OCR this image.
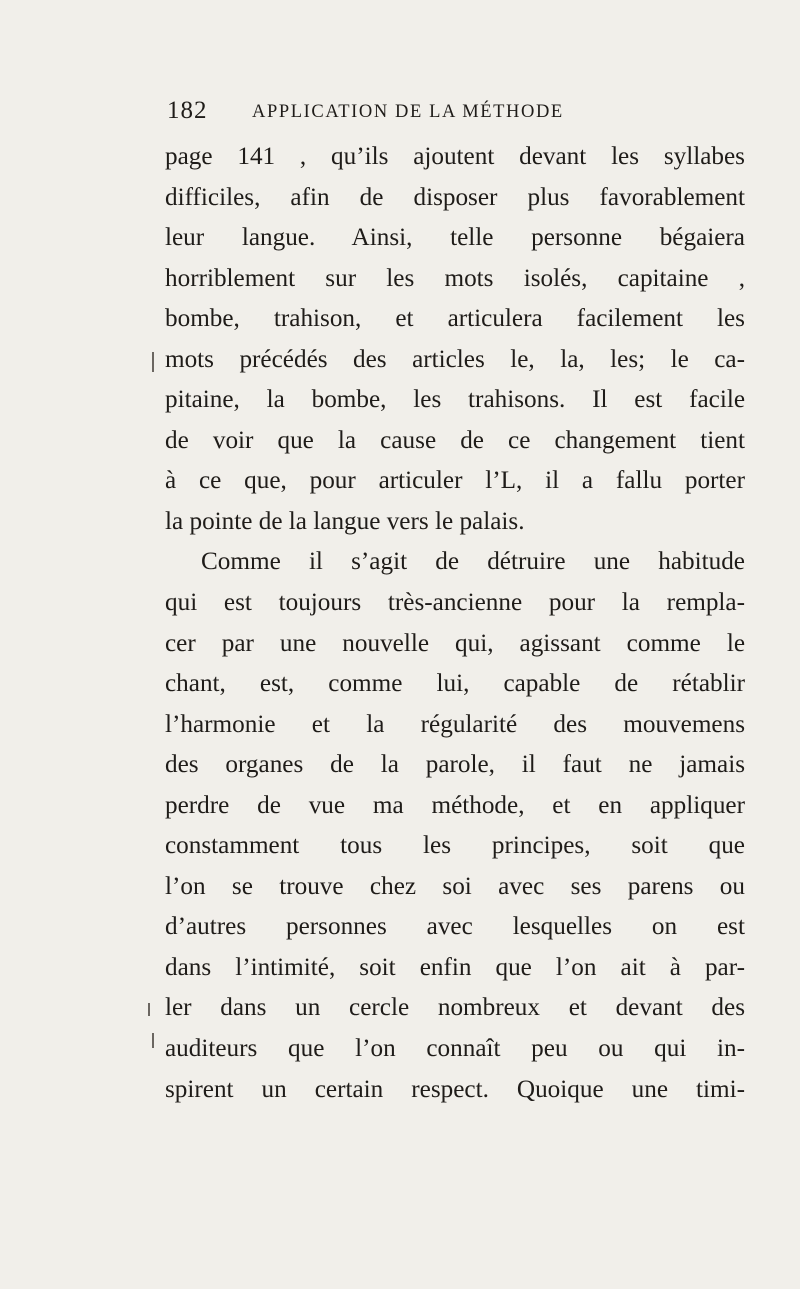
182 APPLICATION DE LA MÉTHODE
page 141 , qu’ils ajoutent devant les syllabes
difficiles, afin de disposer plus favorablement
leur langue. Ainsi, telle personne bégaiera
horriblement sur les mots isolés, capitaine ,
bombe, trahison, et articulera facilement les
mots précédés des articles le, la, les; le ca-
pitaine, la bombe, les trahisons. Il est facile
de voir que la cause de ce changement tient
à ce que, pour articuler l’L, il a fallu porter
la pointe de la langue vers le palais.
Comme il s’agit de détruire une habitude
qui est toujours très-ancienne pour la rempla-
cer par une nouvelle qui, agissant comme le
chant, est, comme lui, capable de rétablir
l’harmonie et la régularité des mouvemens
des organes de la parole, il faut ne jamais
perdre de vue ma méthode, et en appliquer
constamment tous les principes, soit que
l’on se trouve chez soi avec ses parens ou
d’autres personnes avec lesquelles on est
dans l’intimité, soit enfin que l’on ait à par-
ler dans un cercle nombreux et devant des
auditeurs que l’on connaît peu ou qui in-
spirent un certain respect. Quoique une timi-
